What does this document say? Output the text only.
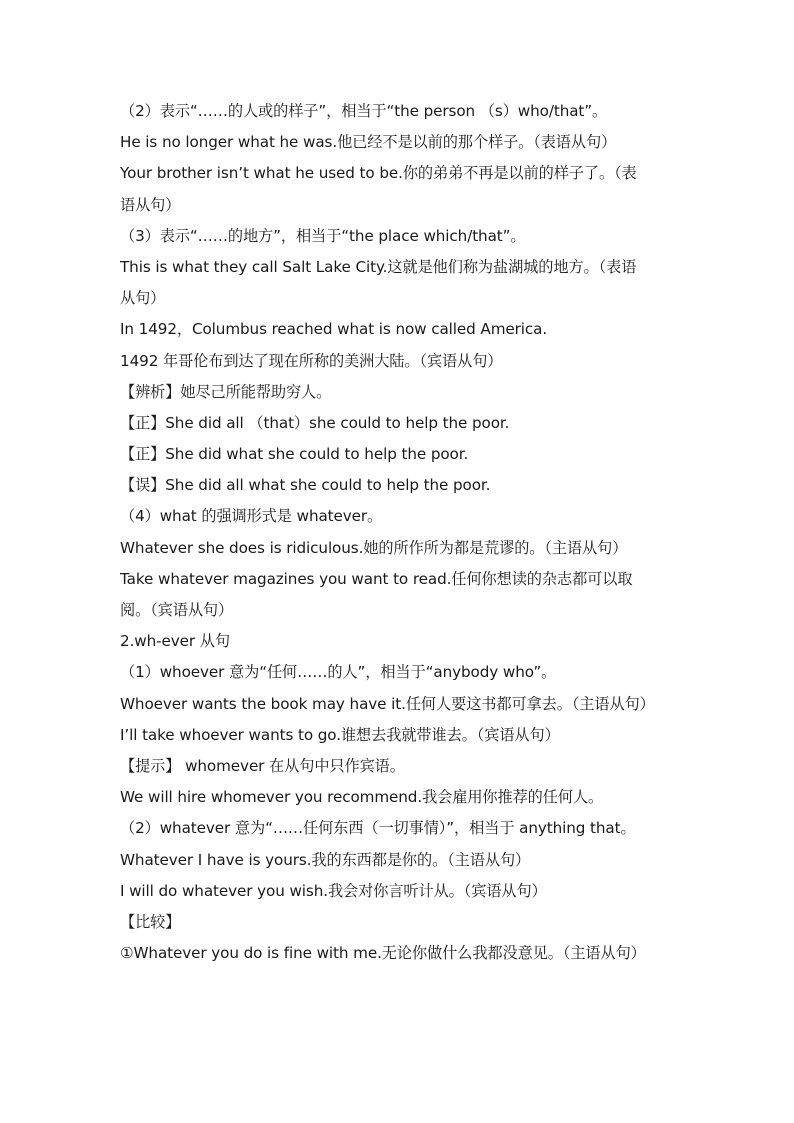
（2）表示“……的人或的样子”，相当于“the person （s）who/that”。
He is no longer what he was.他已经不是以前的那个样子。（表语从句）
Your brother isn’t what he used to be.你的弟弟不再是以前的样子了。（表
语从句）
（3）表示“……的地方”，相当于“the place which/that”。
This is what they call Salt Lake City.这就是他们称为盐湖城的地方。（表语
从句）
In 1492，Columbus reached what is now called America.
1492 年哥伦布到达了现在所称的美洲大陆。（宾语从句）
【辨析】她尽己所能帮助穷人。
【正】She did all （that）she could to help the poor.
【正】She did what she could to help the poor.
【误】She did all what she could to help the poor.
（4）what 的强调形式是 whatever。
Whatever she does is ridiculous.她的所作所为都是荒谬的。（主语从句）
Take whatever magazines you want to read.任何你想读的杂志都可以取
阅。（宾语从句）
2.wh-ever 从句
（1）whoever 意为“任何……的人”，相当于“anybody who”。
Whoever wants the book may have it.任何人要这书都可拿去。（主语从句）
I’ll take whoever wants to go.谁想去我就带谁去。（宾语从句）
【提示】 whomever 在从句中只作宾语。
We will hire whomever you recommend.我会雇用你推荐的任何人。
（2）whatever 意为“……任何东西（一切事情）”，相当于 anything that。
Whatever I have is yours.我的东西都是你的。（主语从句）
I will do whatever you wish.我会对你言听计从。（宾语从句）
【比较】
①Whatever you do is fine with me.无论你做什么我都没意见。（主语从句）
